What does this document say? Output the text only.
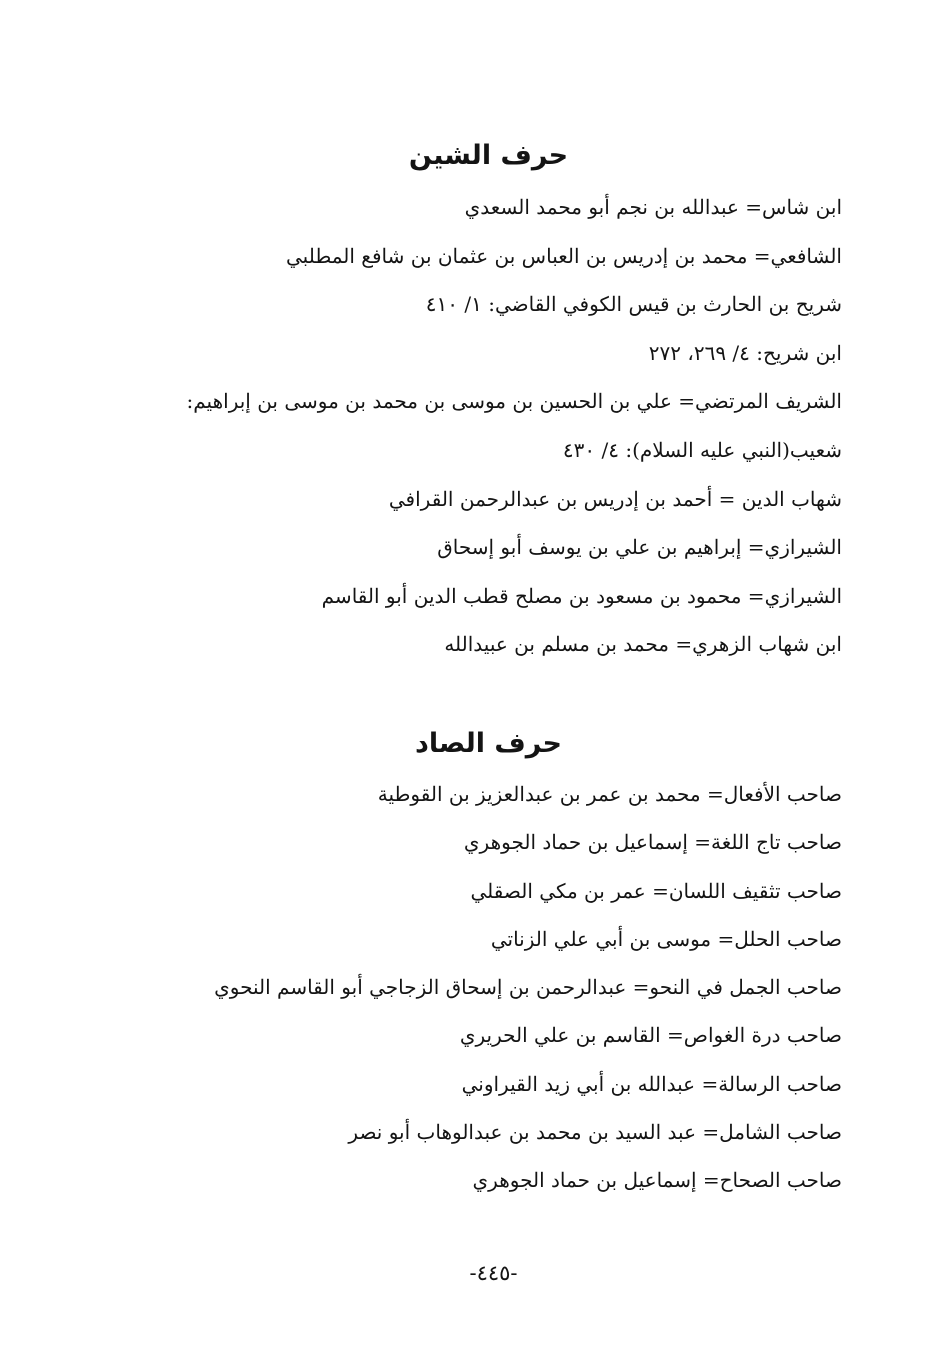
حرف الشين
ابن شاس= عبدالله بن نجم أبو محمد السعدي
الشافعي= محمد بن إدريس بن العباس بن عثمان بن شافع المطلبي
شريح بن الحارث بن قيس الكوفي القاضي: ١/ ٤١٠
ابن شريح: ٤/ ٢٦٩، ٢٧٢
الشريف المرتضي= علي بن الحسين بن موسى بن محمد بن موسى بن إبراهيم:
شعيب(النبي عليه السلام): ٤/ ٤٣٠
شهاب الدين = أحمد بن إدريس بن عبدالرحمن القرافي
الشيرازي= إبراهيم بن علي بن يوسف أبو إسحاق
الشيرازي= محمود بن مسعود بن مصلح قطب الدين أبو القاسم
ابن شهاب الزهري= محمد بن مسلم بن عبيدالله
حرف الصاد
صاحب الأفعال= محمد بن عمر بن عبدالعزيز بن القوطية
صاحب تاج اللغة= إسماعيل بن حماد الجوهري
صاحب تثقيف اللسان= عمر بن مكي الصقلي
صاحب الحلل= موسى بن أبي علي الزناتي
صاحب الجمل في النحو= عبدالرحمن بن إسحاق الزجاجي أبو القاسم النحوي
صاحب درة الغواص= القاسم بن علي الحريري
صاحب الرسالة= عبدالله بن أبي زيد القيراوني
صاحب الشامل= عبد السيد بن محمد بن عبدالوهاب أبو نصر
صاحب الصحاح= إسماعيل بن حماد الجوهري
-٤٤٥-
